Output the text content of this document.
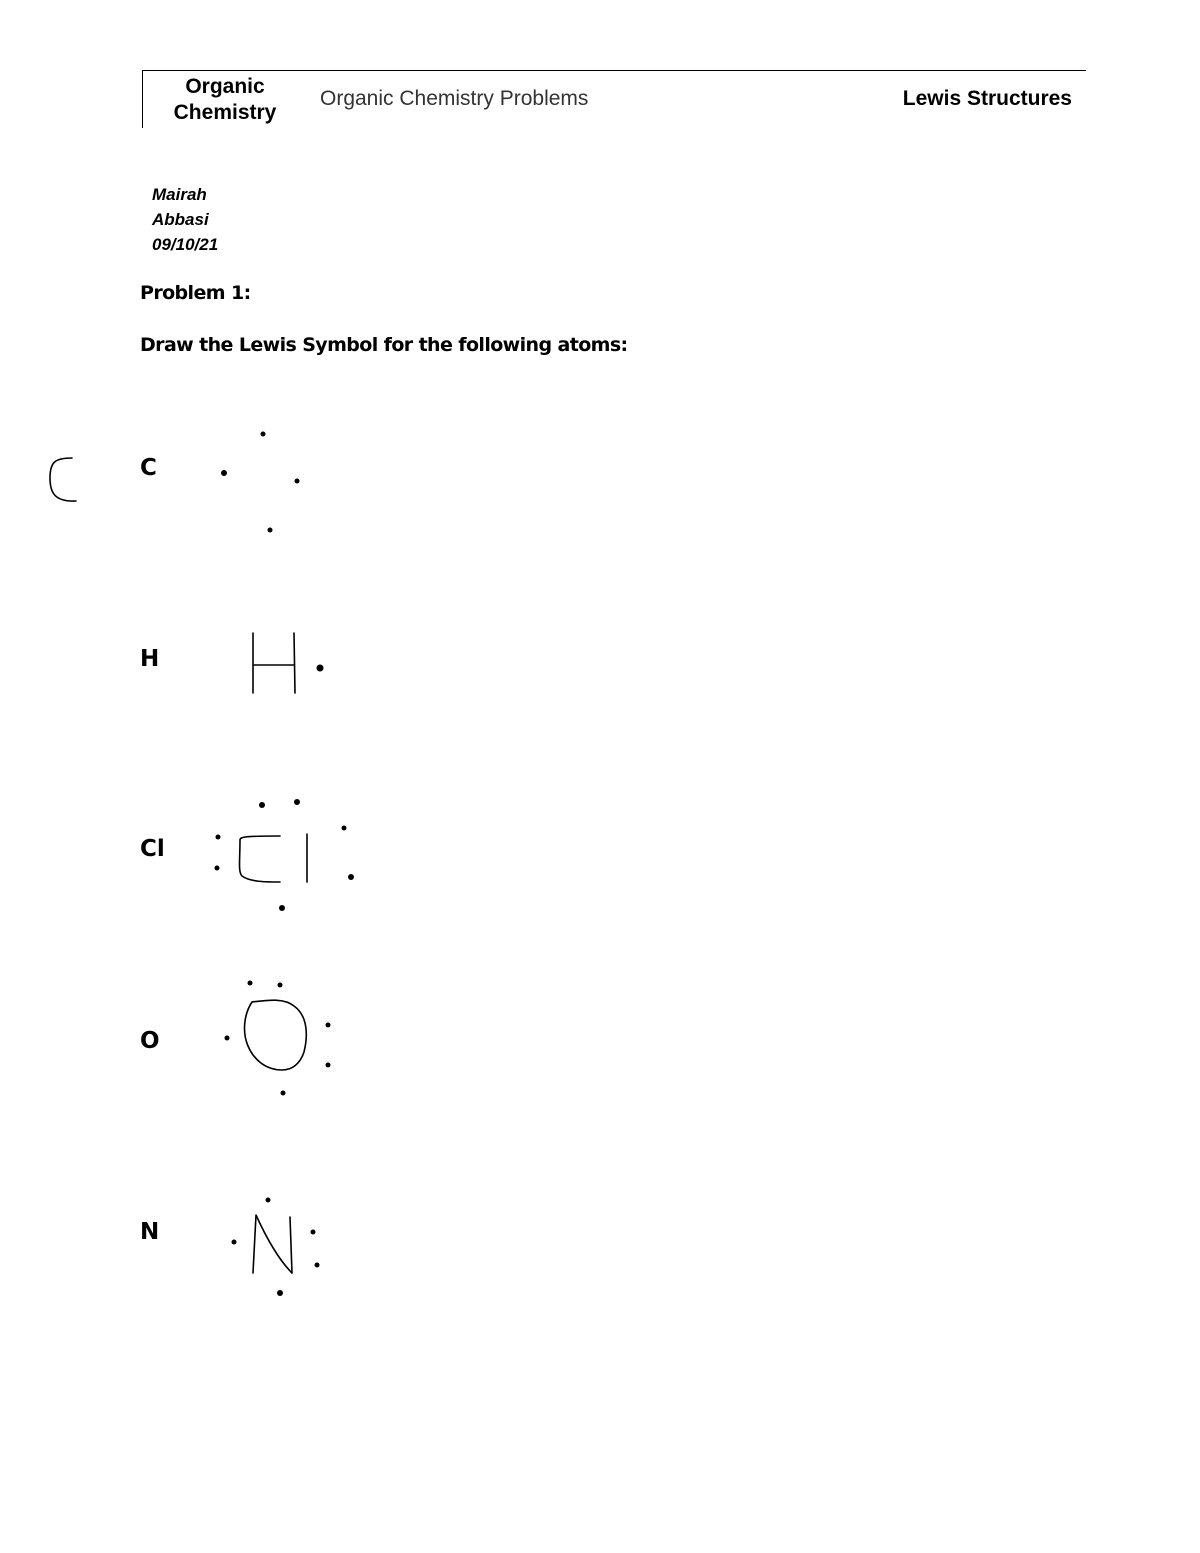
Organic
Chemistry
Organic Chemistry Problems	Lewis Structures
Mairah
Abbasi
09/10/21
Problem 1:
Draw the Lewis Symbol for the following atoms:
C
H
Cl
O
N
